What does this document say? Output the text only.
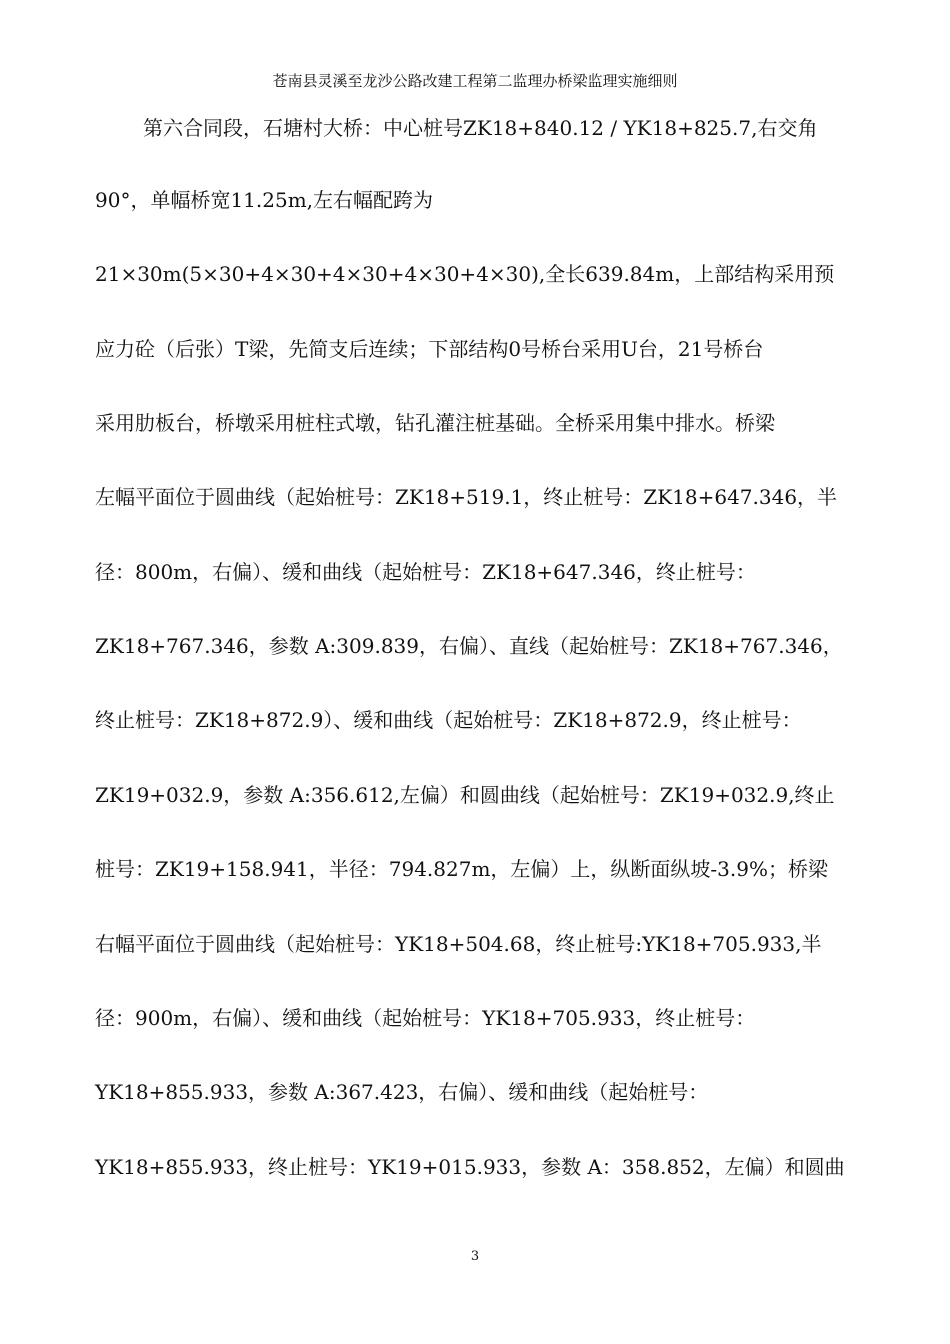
苍南县灵溪至龙沙公路改建工程第二监理办桥梁监理实施细则
第六合同段，石塘村大桥：中心桩号ZK18+840.12 / YK18+825.7,右交角
90°，单幅桥宽11.25m,左右幅配跨为
21×30m(5×30+4×30+4×30+4×30+4×30),全长639.84m，上部结构采用预
应力砼（后张）T梁，先简支后连续；下部结构0号桥台采用U台，21号桥台
采用肋板台，桥墩采用桩柱式墩，钻孔灌注桩基础。全桥采用集中排水。桥梁
左幅平面位于圆曲线（起始桩号：ZK18+519.1，终止桩号：ZK18+647.346，半
径：800m，右偏）、缓和曲线（起始桩号：ZK18+647.346，终止桩号：
ZK18+767.346，参数 A:309.839，右偏）、直线（起始桩号：ZK18+767.346，
终止桩号：ZK18+872.9）、缓和曲线（起始桩号：ZK18+872.9，终止桩号：
ZK19+032.9，参数 A:356.612,左偏）和圆曲线（起始桩号：ZK19+032.9,终止
桩号：ZK19+158.941，半径：794.827m，左偏）上，纵断面纵坡-3.9%；桥梁
右幅平面位于圆曲线（起始桩号：YK18+504.68，终止桩号:YK18+705.933,半
径：900m，右偏）、缓和曲线（起始桩号：YK18+705.933，终止桩号：
YK18+855.933，参数 A:367.423，右偏）、缓和曲线（起始桩号：
YK18+855.933，终止桩号：YK19+015.933，参数 A：358.852，左偏）和圆曲
3
